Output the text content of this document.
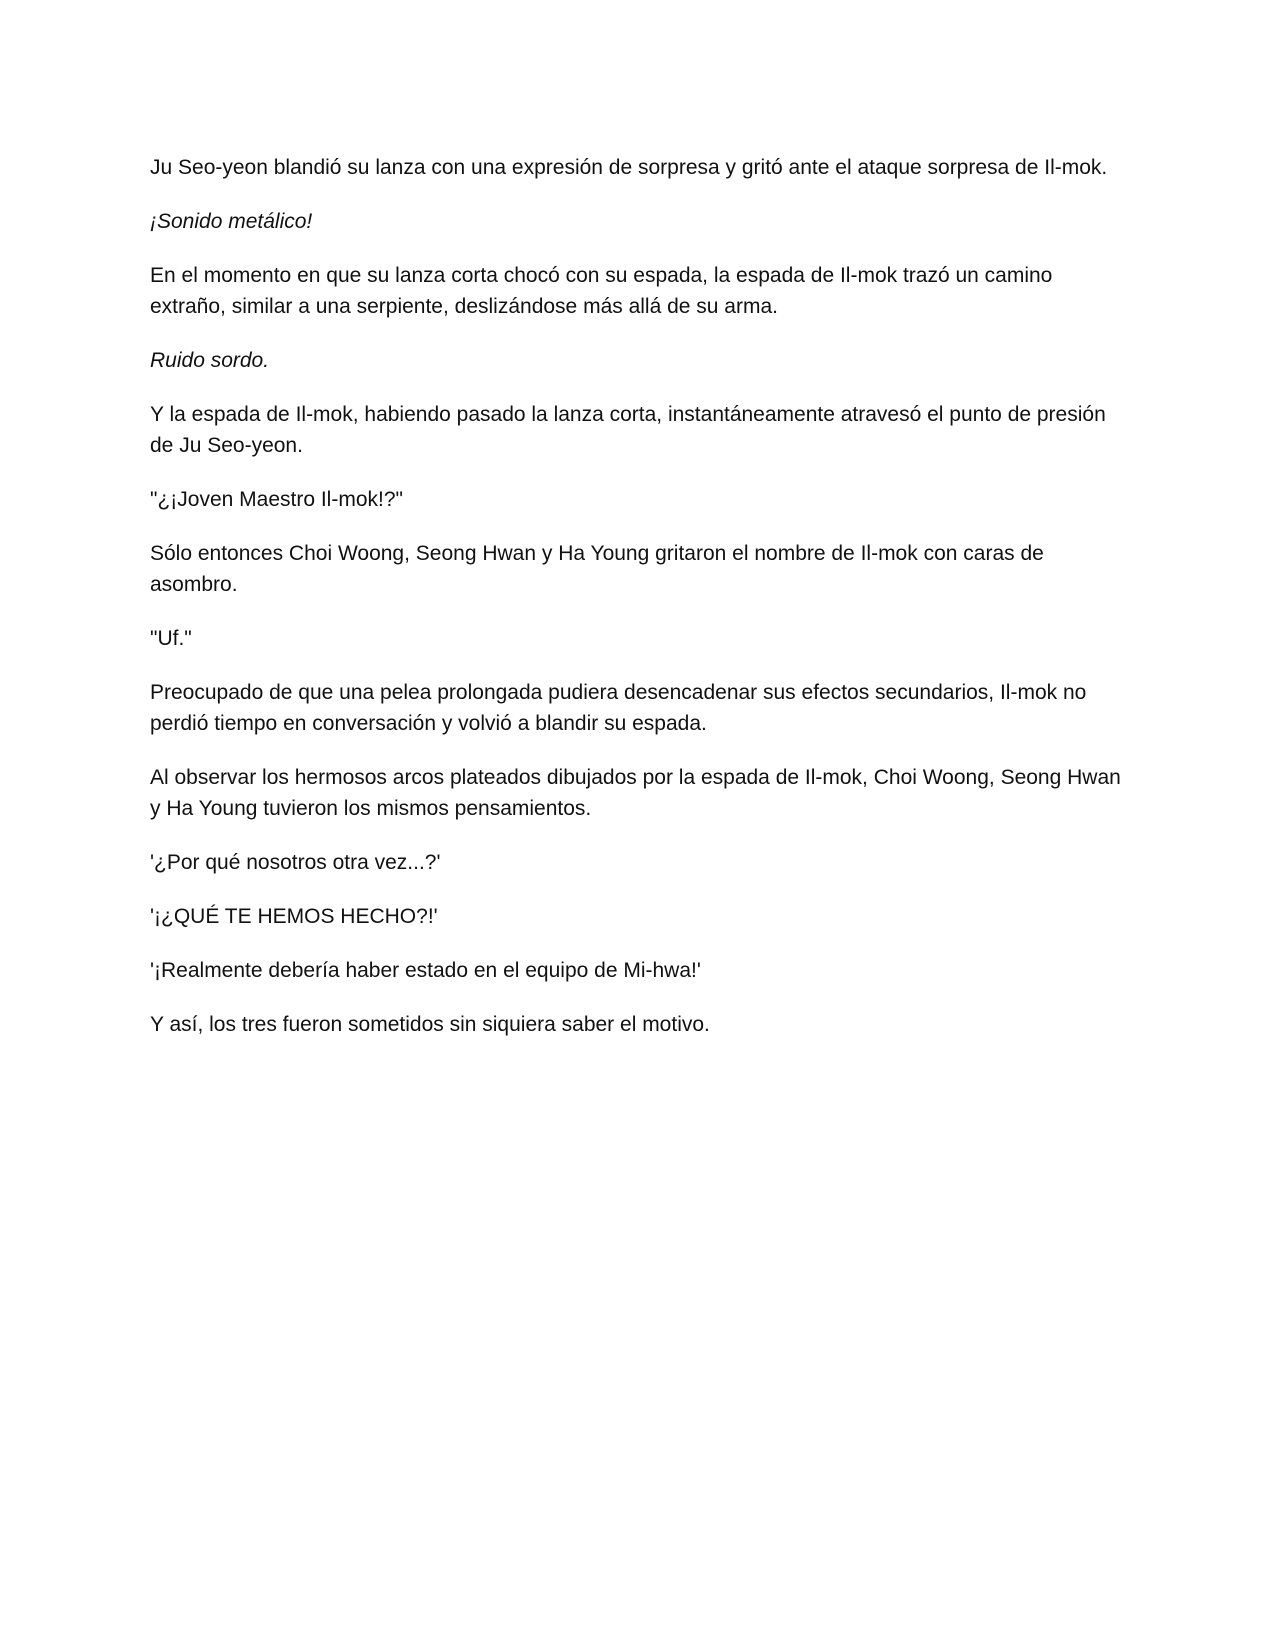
Ju Seo-yeon blandió su lanza con una expresión de sorpresa y gritó ante el ataque sorpresa de Il-mok.

¡Sonido metálico!

En el momento en que su lanza corta chocó con su espada, la espada de Il-mok trazó un camino extraño, similar a una serpiente, deslizándose más allá de su arma.

Ruido sordo.

Y la espada de Il-mok, habiendo pasado la lanza corta, instantáneamente atravesó el punto de presión de Ju Seo-yeon.

"¿¡Joven Maestro Il-mok!?"

Sólo entonces Choi Woong, Seong Hwan y Ha Young gritaron el nombre de Il-mok con caras de asombro.

"Uf."

Preocupado de que una pelea prolongada pudiera desencadenar sus efectos secundarios, Il-mok no perdió tiempo en conversación y volvió a blandir su espada.

Al observar los hermosos arcos plateados dibujados por la espada de Il-mok, Choi Woong, Seong Hwan y Ha Young tuvieron los mismos pensamientos.

'¿Por qué nosotros otra vez...?'

'¡¿QUÉ TE HEMOS HECHO?!'

'¡Realmente debería haber estado en el equipo de Mi-hwa!'

Y así, los tres fueron sometidos sin siquiera saber el motivo.
